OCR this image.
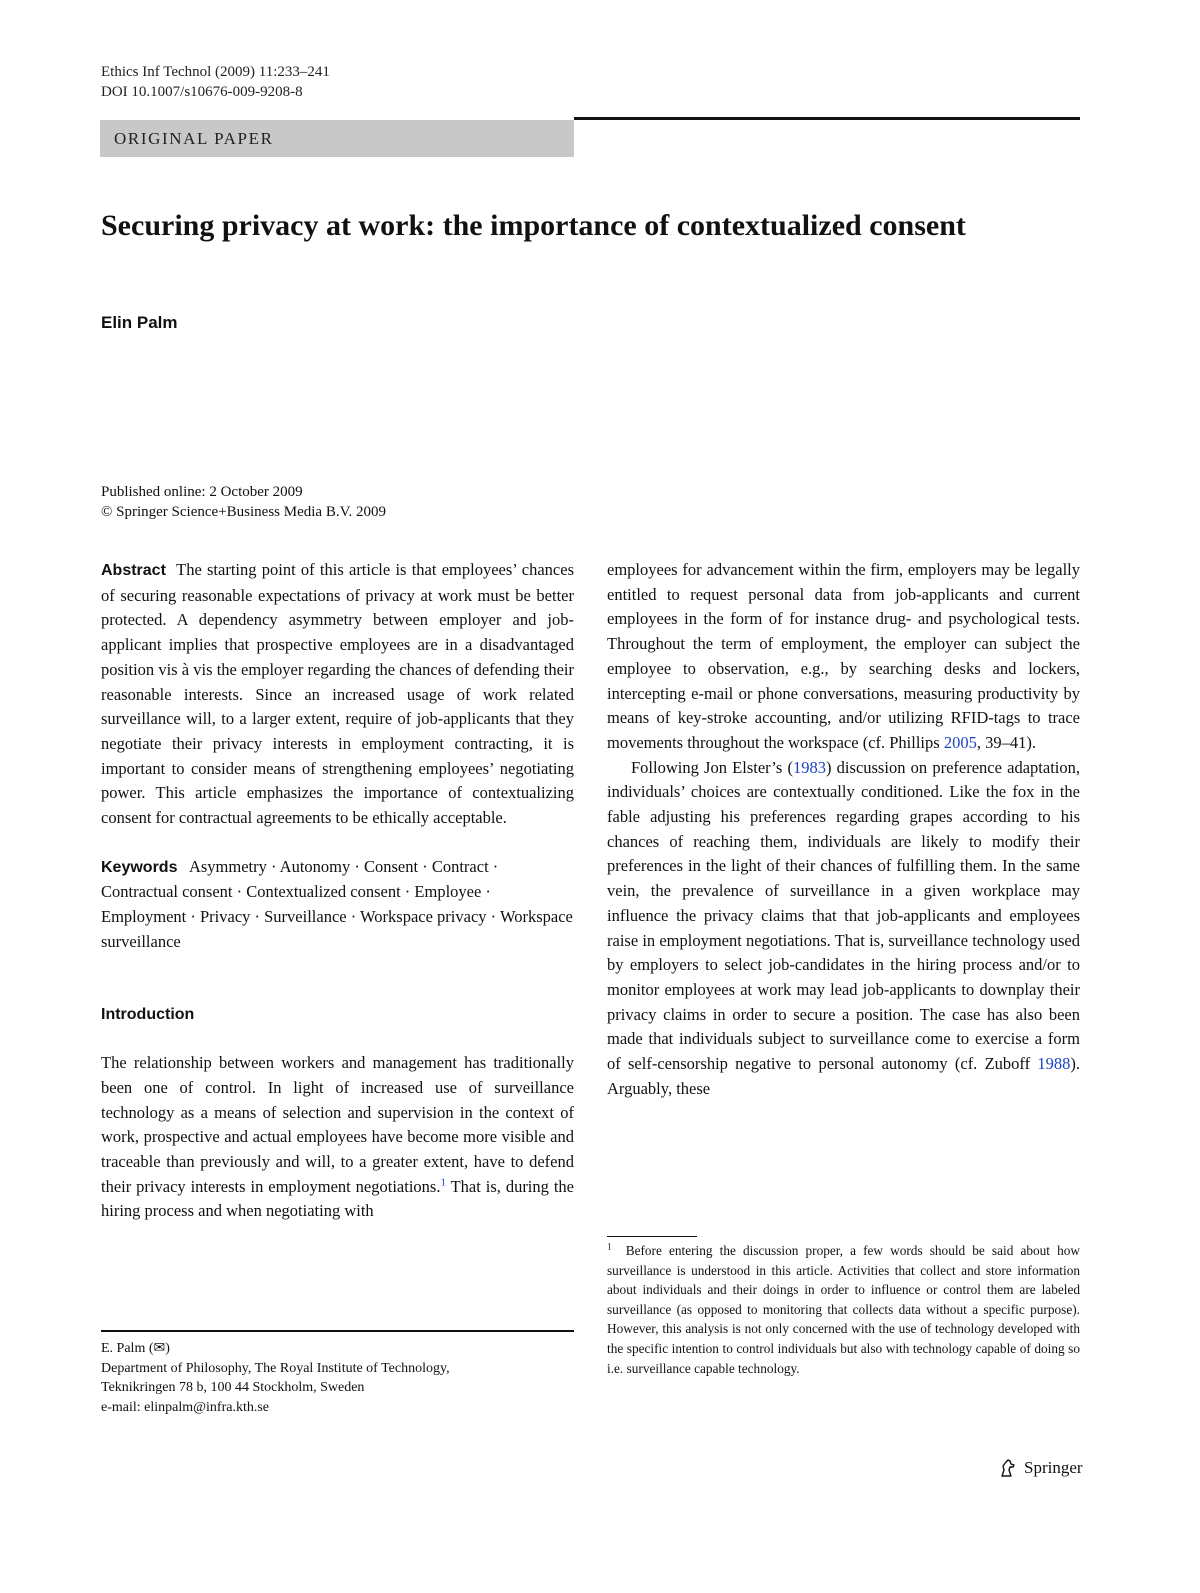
Ethics Inf Technol (2009) 11:233–241
DOI 10.1007/s10676-009-9208-8
ORIGINAL PAPER
Securing privacy at work: the importance of contextualized consent
Elin Palm
Published online: 2 October 2009
© Springer Science+Business Media B.V. 2009

Abstract The starting point of this article is that employees’ chances of securing reasonable expectations of privacy at work must be better protected. A dependency asymmetry between employer and job-applicant implies that prospective employees are in a disadvantaged position vis à vis the employer regarding the chances of defending their reasonable interests. Since an increased usage of work related surveillance will, to a larger extent, require of job-applicants that they negotiate their privacy interests in employment contracting, it is important to consider means of strengthening employees’ negotiating power. This article emphasizes the importance of contextualizing consent for contractual agreements to be ethically acceptable.

Keywords Asymmetry · Autonomy · Consent · Contract · Contractual consent · Contextualized consent · Employee · Employment · Privacy · Surveillance · Workspace privacy · Workspace surveillance

Introduction

The relationship between workers and management has traditionally been one of control. In light of increased use of surveillance technology as a means of selection and supervision in the context of work, prospective and actual employees have become more visible and traceable than previously and will, to a greater extent, have to defend their privacy interests in employment negotiations.$^1$ That is, during the hiring process and when negotiating with

employees for advancement within the firm, employers may be legally entitled to request personal data from job-applicants and current employees in the form of for instance drug- and psychological tests. Throughout the term of employment, the employer can subject the employee to observation, e.g., by searching desks and lockers, intercepting e-mail or phone conversations, measuring productivity by means of key-stroke accounting, and/or utilizing RFID-tags to trace movements throughout the workspace (cf. Phillips 2005, 39–41).

Following Jon Elster’s (1983) discussion on preference adaptation, individuals’ choices are contextually conditioned. Like the fox in the fable adjusting his preferences regarding grapes according to his chances of reaching them, individuals are likely to modify their preferences in the light of their chances of fulfilling them. In the same vein, the prevalence of surveillance in a given workplace may influence the privacy claims that that job-applicants and employees raise in employment negotiations. That is, surveillance technology used by employers to select job-candidates in the hiring process and/or to monitor employees at work may lead job-applicants to downplay their privacy claims in order to secure a position. The case has also been made that individuals subject to surveillance come to exercise a form of self-censorship negative to personal autonomy (cf. Zuboff 1988). Arguably, these

E. Palm (✉)
Department of Philosophy, The Royal Institute of Technology,
Teknikringen 78 b, 100 44 Stockholm, Sweden
e-mail: elinpalm@infra.kth.se
$^1$ Before entering the discussion proper, a few words should be said about how surveillance is understood in this article. Activities that collect and store information about individuals and their doings in order to influence or control them are labeled surveillance (as opposed to monitoring that collects data without a specific purpose). However, this analysis is not only concerned with the use of technology developed with the specific intention to control individuals but also with technology capable of doing so i.e. surveillance capable technology.
Springer
